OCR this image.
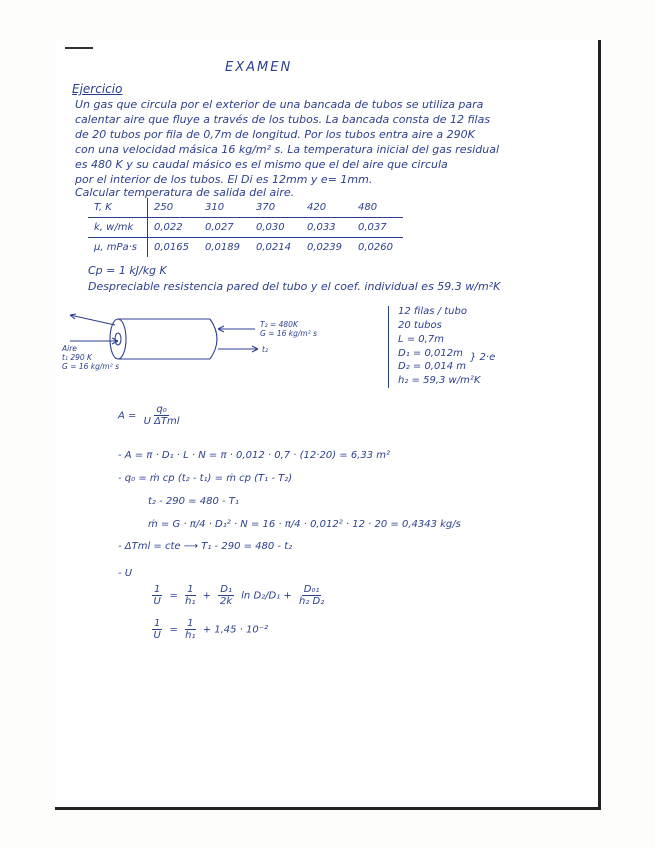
EXAMEN
Ejercicio
Un gas que circula por el exterior de una bancada de tubos se utiliza para
calentar aire que fluye a través de los tubos. La bancada consta de 12 filas
de 20 tubos por fila de 0,7m de longitud. Por los tubos entra aire a 290K
con una velocidad másica 16 kg/m² s. La temperatura inicial del gas residual
es 480 K y su caudal másico es el mismo que el del aire que circula
por el interior de los tubos. El Di es 12mm y e= 1mm.
Calcular temperatura de salida del aire.
T, K	250	310	370	420	480
k, w/mk	0,022	0,027	0,030	0,033	0,037
μ, mPa·s	0,0165	0,0189	0,0214	0,0239	0,0260
Cp = 1 kJ/kg K
Despreciable resistencia pared del tubo y el coef. individual es 59.3 w/m²K
T₂ = 480K
G = 16 kg/m² s
t₂
Aire
t₁ 290 K
G = 16 kg/m² s
12 filas / tubo
20 tubos
L = 0,7m
D₁ = 0,012m
D₂ = 0,014 m
h₂ = 59,3 w/m²K
} 2·e
$A = \frac{\text{q₀}}{\text{U ΔTml}}$
- A = π · D₁ · L · N = π · 0,012 · 0,7 · (12·20) = 6,33 m²
- q₀ = ṁ cp (t₂ - t₁) = ṁ cp (T₁ - T₂)
t₂ - 290 = 480 - T₁
ṁ = G · π/4 · D₁² · N = 16 · π/4 · 0,012² · 12 · 20 = 0,4343 kg/s
- ΔTml = cte ⟶ T₁ - 290 = 480 - t₂
- U
$\frac{1}{U} = \frac{1}{\text{h₁}} + \frac{\text{D₁}}{2k}$ $\ln D_2/D_1 + \frac{\text{D₀₁}}{\text{h₂ D₂}}$
$\frac{1}{U} = \frac{1}{\text{h₁}} + 1,45 \cdot 10^{-2}$
